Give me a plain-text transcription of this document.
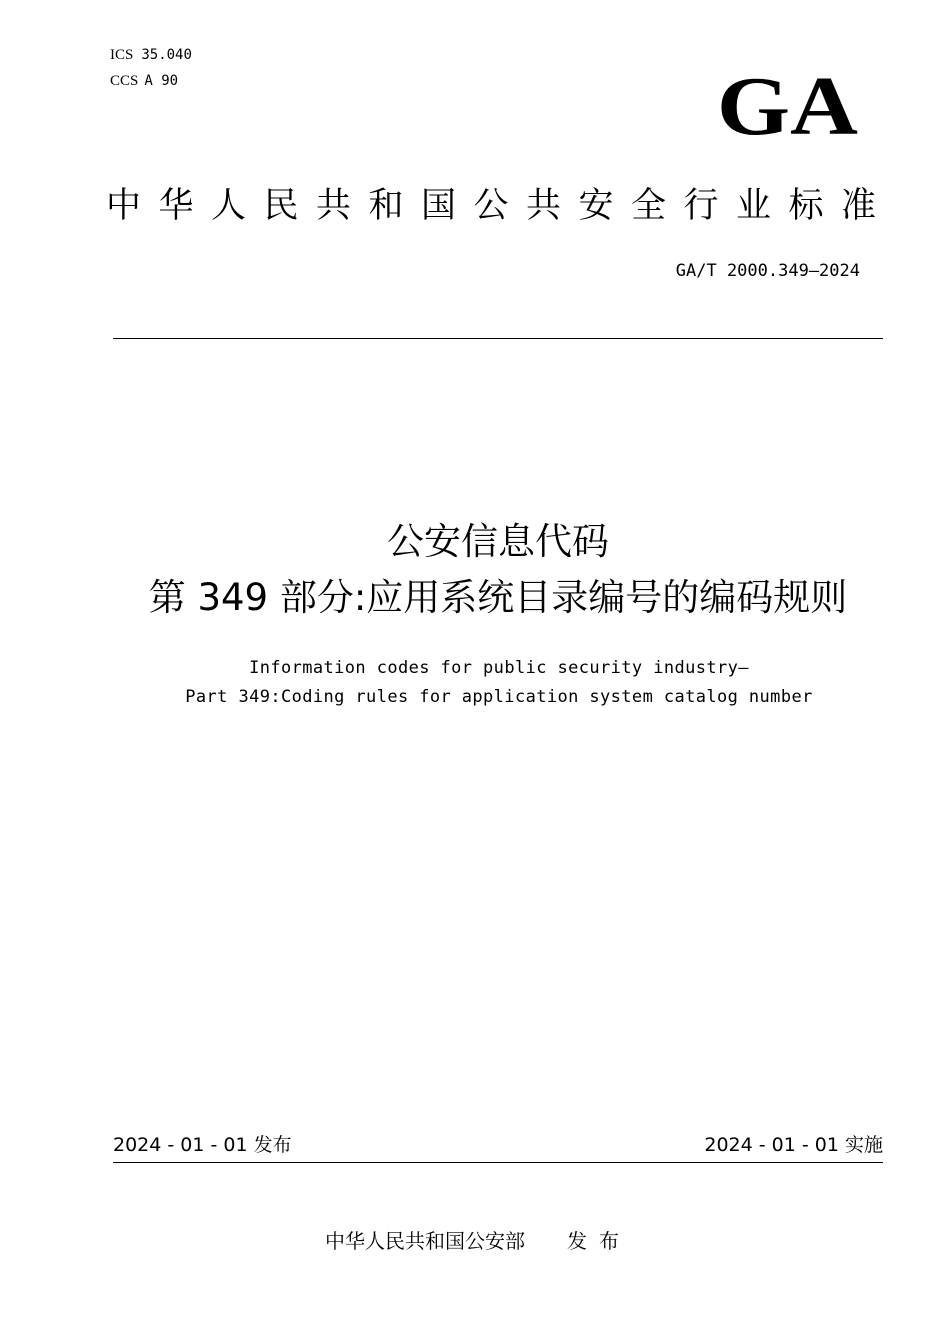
ICS 35.040
CCS A 90	GA
中华人民共和国公共安全行业标准
GA/T 2000.349—2024
公安信息代码
第 349 部分:应用系统目录编号的编码规则
Information codes for public security industry—
Part 349:Coding rules for application system catalog number
2024 - 01 - 01 发布	2024 - 01 - 01 实施
中华人民共和国公安部 发布
